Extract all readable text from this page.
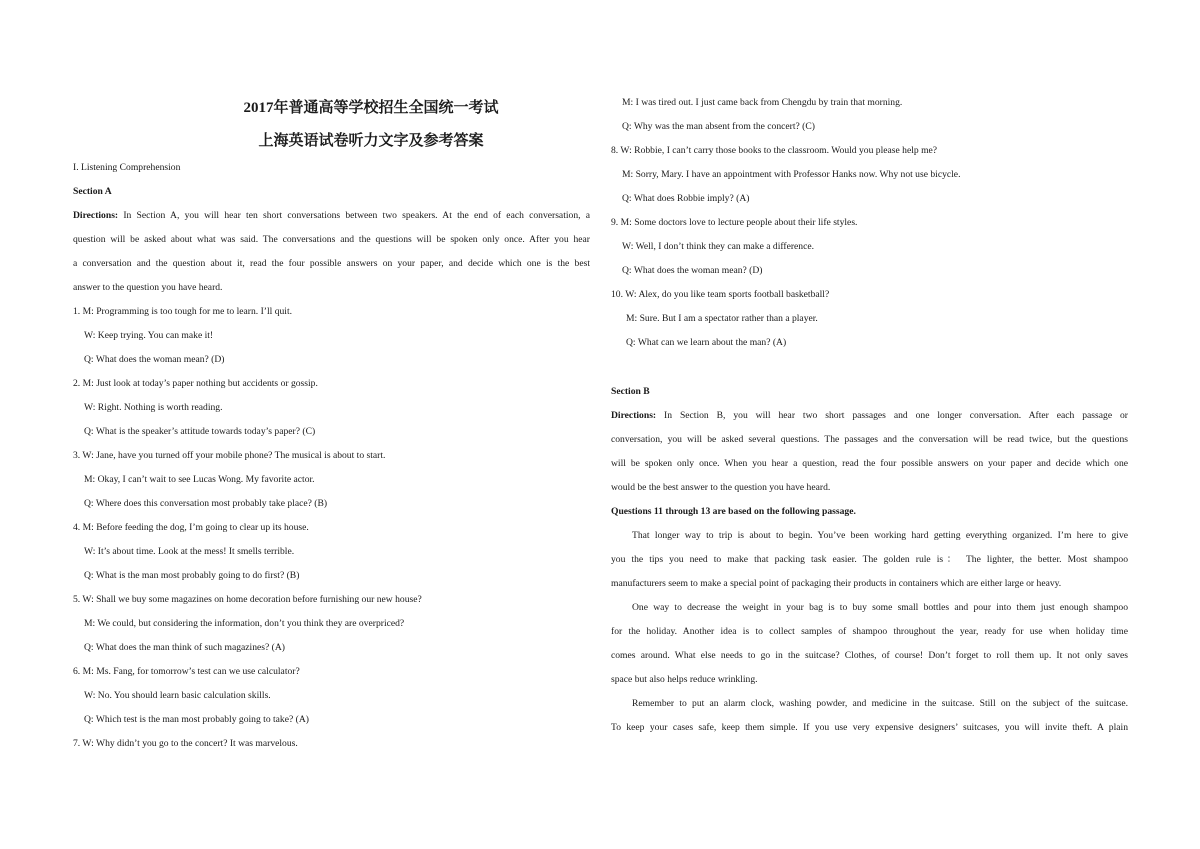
2017年普通高等学校招生全国统一考试
上海英语试卷听力文字及参考答案
I. Listening Comprehension
Section A
Directions: In Section A, you will hear ten short conversations between two speakers. At the end of each conversation, a
question will be asked about what was said. The conversations and the questions will be spoken only once. After you hear
a conversation and the question about it, read the four possible answers on your paper, and decide which one is the best
answer to the question you have heard.
1. M: Programming is too tough for me to learn. I’ll quit.
W: Keep trying. You can make it!
Q: What does the woman mean? (D)
2. M: Just look at today’s paper nothing but accidents or gossip.
W: Right. Nothing is worth reading.
Q: What is the speaker’s attitude towards today’s paper? (C)
3. W: Jane, have you turned off your mobile phone? The musical is about to start.
M: Okay, I can’t wait to see Lucas Wong. My favorite actor.
Q: Where does this conversation most probably take place? (B)
4. M: Before feeding the dog, I’m going to clear up its house.
W: It’s about time. Look at the mess! It smells terrible.
Q: What is the man most probably going to do first? (B)
5. W: Shall we buy some magazines on home decoration before furnishing our new house?
M: We could, but considering the information, don’t you think they are overpriced?
Q: What does the man think of such magazines? (A)
6. M: Ms. Fang, for tomorrow’s test can we use calculator?
W: No. You should learn basic calculation skills.
Q: Which test is the man most probably going to take? (A)
7. W: Why didn’t you go to the concert? It was marvelous.
M: I was tired out. I just came back from Chengdu by train that morning.
Q: Why was the man absent from the concert? (C)
8. W: Robbie, I can’t carry those books to the classroom. Would you please help me?
M: Sorry, Mary. I have an appointment with Professor Hanks now. Why not use bicycle.
Q: What does Robbie imply? (A)
9. M: Some doctors love to lecture people about their life styles.
W: Well, I don’t think they can make a difference.
Q: What does the woman mean? (D)
10. W: Alex, do you like team sports football basketball?
M: Sure. But I am a spectator rather than a player.
Q: What can we learn about the man? (A)
Section B
Directions: In Section B, you will hear two short passages and one longer conversation. After each passage or
conversation, you will be asked several questions. The passages and the conversation will be read twice, but the questions
will be spoken only once. When you hear a question, read the four possible answers on your paper and decide which one
would be the best answer to the question you have heard.
Questions 11 through 13 are based on the following passage.
That longer way to trip is about to begin. You’ve been working hard getting everything organized. I’m here to give
you the tips you need to make that packing task easier. The golden rule is： The lighter, the better. Most shampoo
manufacturers seem to make a special point of packaging their products in containers which are either large or heavy.
One way to decrease the weight in your bag is to buy some small bottles and pour into them just enough shampoo
for the holiday. Another idea is to collect samples of shampoo throughout the year, ready for use when holiday time
comes around. What else needs to go in the suitcase? Clothes, of course! Don’t forget to roll them up. It not only saves
space but also helps reduce wrinkling.
Remember to put an alarm clock, washing powder, and medicine in the suitcase. Still on the subject of the suitcase.
To keep your cases safe, keep them simple. If you use very expensive designers’ suitcases, you will invite theft. A plain
